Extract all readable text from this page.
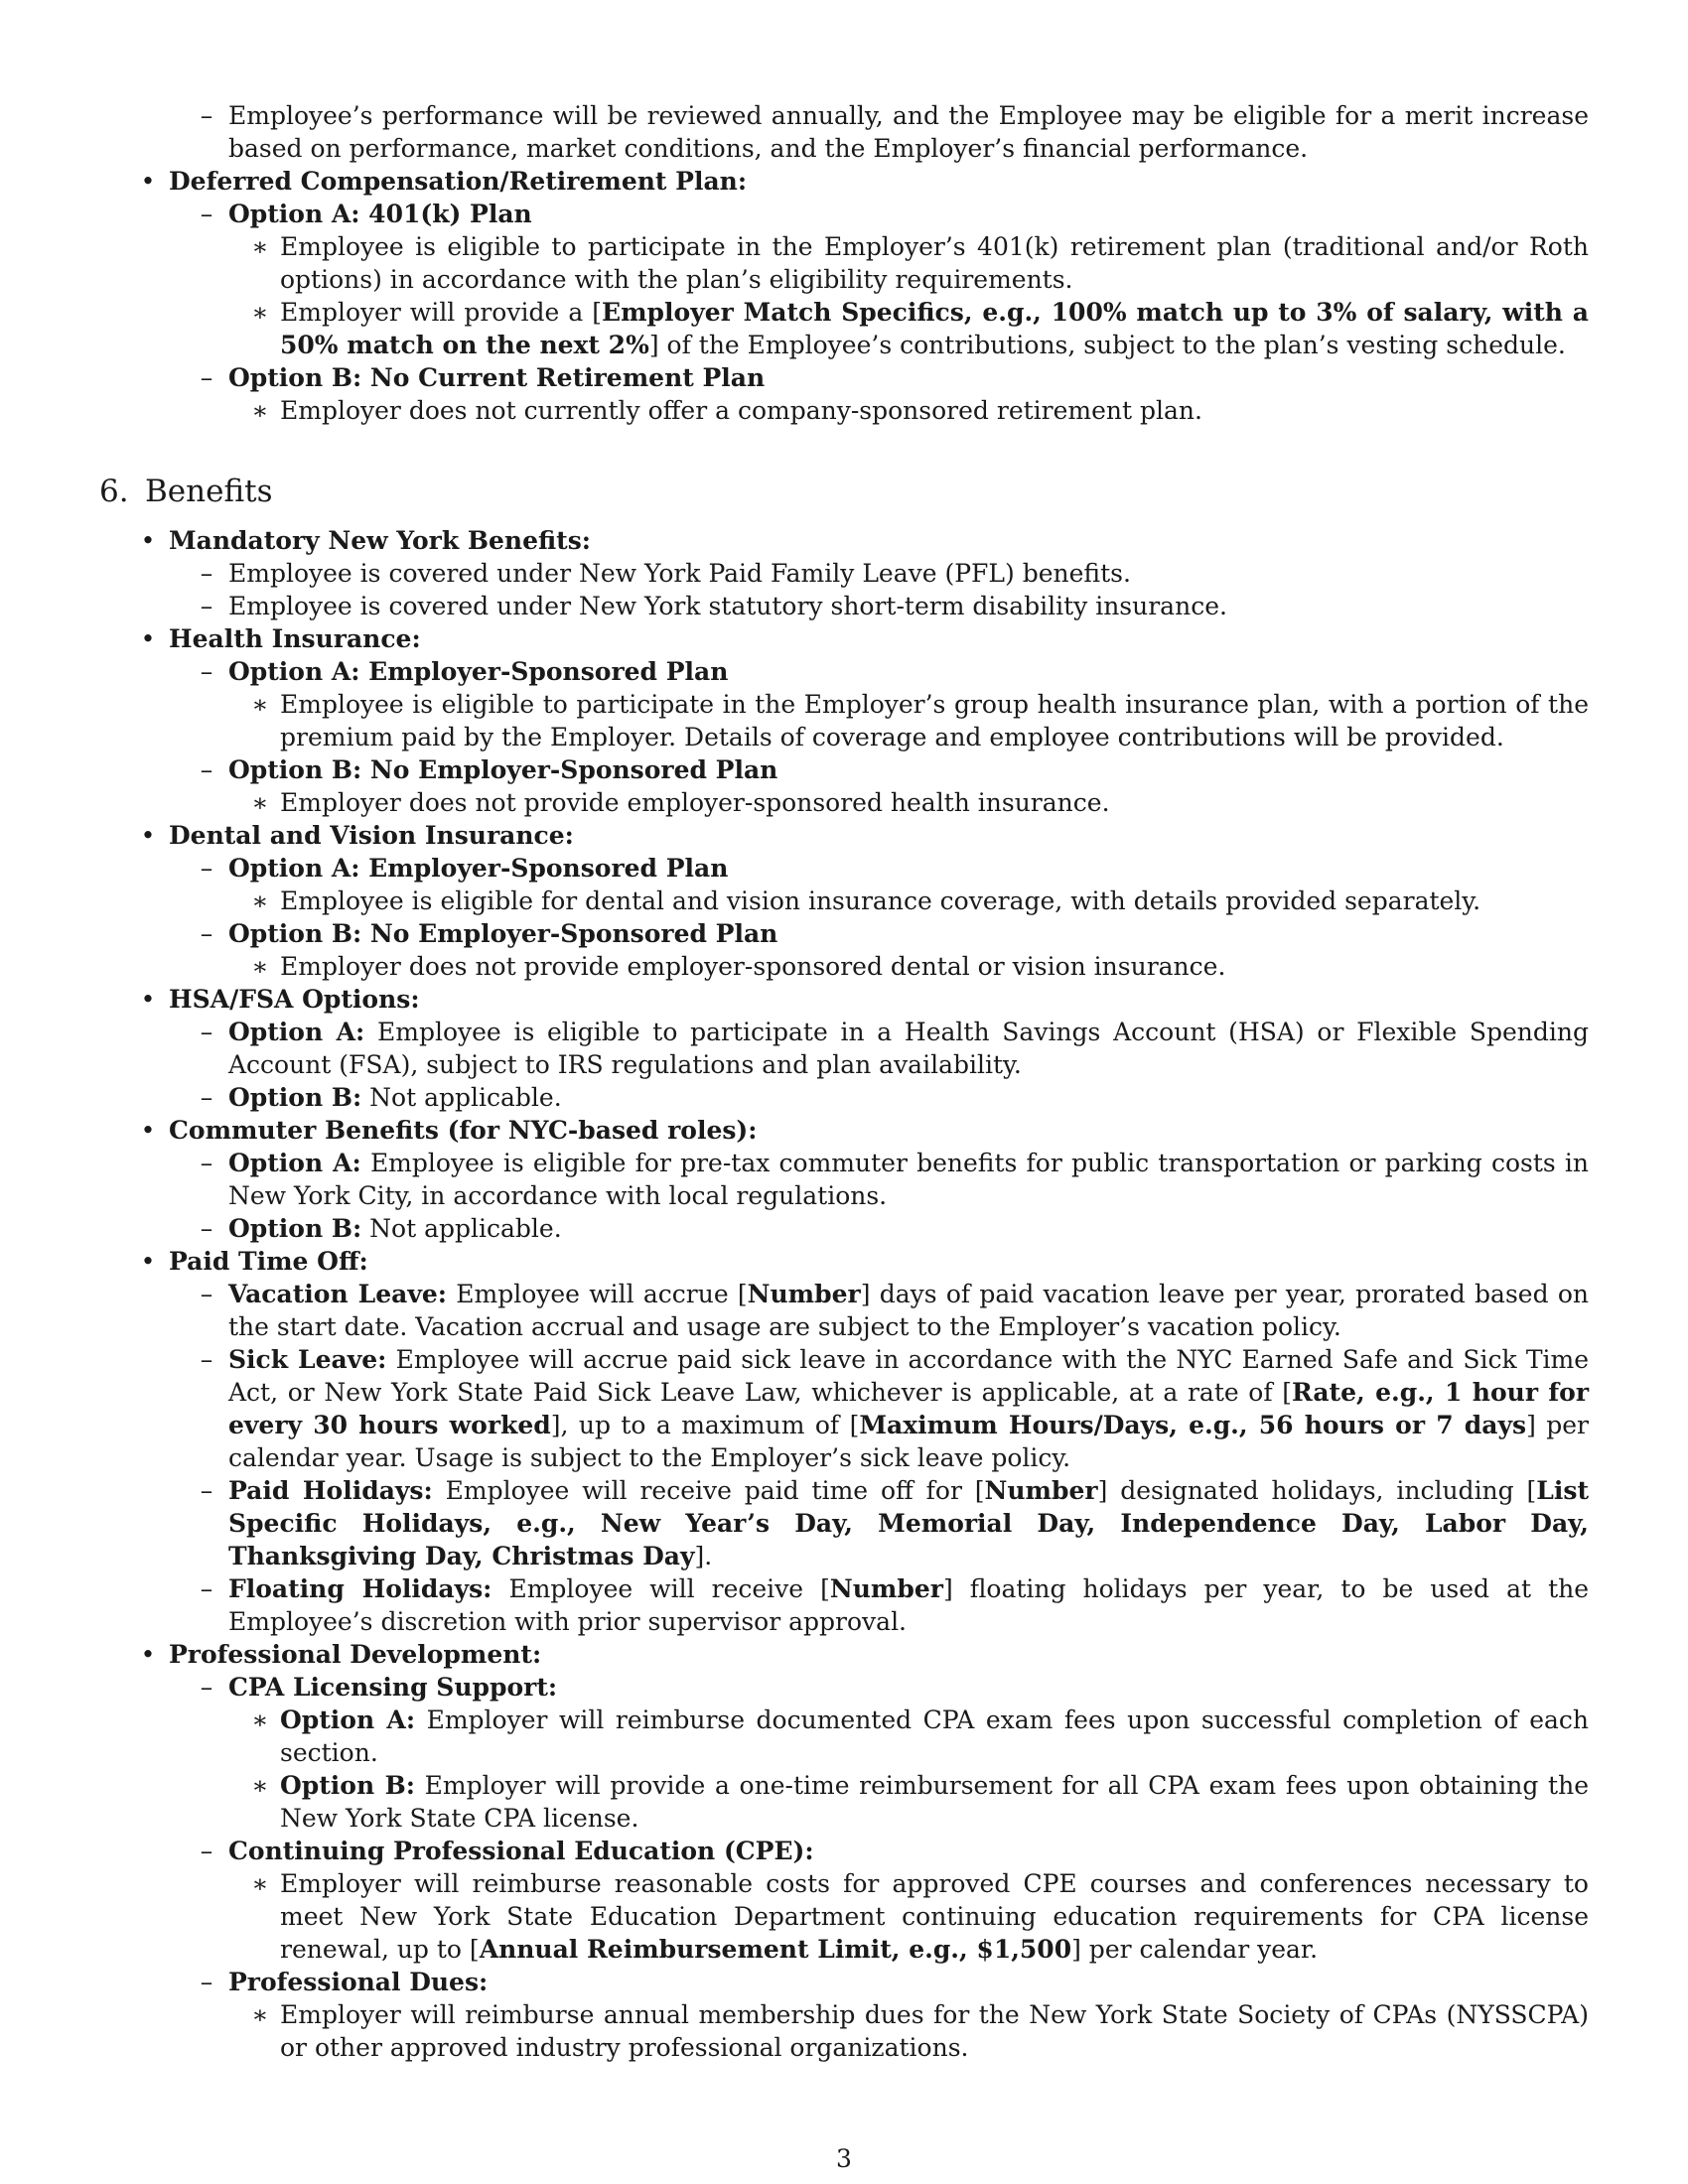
– Employee’s performance will be reviewed annually, and the Employee may be eligible for a merit increase based on performance, market conditions, and the Employer’s financial performance.
• Deferred Compensation/Retirement Plan:
– Option A: 401(k) Plan
∗ Employee is eligible to participate in the Employer’s 401(k) retirement plan (traditional and/or Roth options) in accordance with the plan’s eligibility requirements.
∗ Employer will provide a [Employer Match Specifics, e.g., 100% match up to 3% of salary, with a 50% match on the next 2%] of the Employee’s contributions, subject to the plan’s vesting schedule.
– Option B: No Current Retirement Plan
∗ Employer does not currently offer a company-sponsored retirement plan.
6. Benefits
• Mandatory New York Benefits:
– Employee is covered under New York Paid Family Leave (PFL) benefits.
– Employee is covered under New York statutory short-term disability insurance.
• Health Insurance:
– Option A: Employer-Sponsored Plan
∗ Employee is eligible to participate in the Employer’s group health insurance plan, with a portion of the premium paid by the Employer. Details of coverage and employee contributions will be provided.
– Option B: No Employer-Sponsored Plan
∗ Employer does not provide employer-sponsored health insurance.
• Dental and Vision Insurance:
– Option A: Employer-Sponsored Plan
∗ Employee is eligible for dental and vision insurance coverage, with details provided separately.
– Option B: No Employer-Sponsored Plan
∗ Employer does not provide employer-sponsored dental or vision insurance.
• HSA/FSA Options:
– Option A: Employee is eligible to participate in a Health Savings Account (HSA) or Flexible Spending Account (FSA), subject to IRS regulations and plan availability.
– Option B: Not applicable.
• Commuter Benefits (for NYC-based roles):
– Option A: Employee is eligible for pre-tax commuter benefits for public transportation or parking costs in New York City, in accordance with local regulations.
– Option B: Not applicable.
• Paid Time Off:
– Vacation Leave: Employee will accrue [Number] days of paid vacation leave per year, prorated based on the start date. Vacation accrual and usage are subject to the Employer’s vacation policy.
– Sick Leave: Employee will accrue paid sick leave in accordance with the NYC Earned Safe and Sick Time Act, or New York State Paid Sick Leave Law, whichever is applicable, at a rate of [Rate, e.g., 1 hour for every 30 hours worked], up to a maximum of [Maximum Hours/Days, e.g., 56 hours or 7 days] per calendar year. Usage is subject to the Employer’s sick leave policy.
– Paid Holidays: Employee will receive paid time off for [Number] designated holidays, including [List Specific Holidays, e.g., New Year’s Day, Memorial Day, Independence Day, Labor Day, Thanksgiving Day, Christmas Day].
– Floating Holidays: Employee will receive [Number] floating holidays per year, to be used at the Employee’s discretion with prior supervisor approval.
• Professional Development:
– CPA Licensing Support:
∗ Option A: Employer will reimburse documented CPA exam fees upon successful completion of each section.
∗ Option B: Employer will provide a one-time reimbursement for all CPA exam fees upon obtaining the New York State CPA license.
– Continuing Professional Education (CPE):
∗ Employer will reimburse reasonable costs for approved CPE courses and conferences necessary to meet New York State Education Department continuing education requirements for CPA license renewal, up to [Annual Reimbursement Limit, e.g., $1,500] per calendar year.
– Professional Dues:
∗ Employer will reimburse annual membership dues for the New York State Society of CPAs (NYSSCPA) or other approved industry professional organizations.
3
